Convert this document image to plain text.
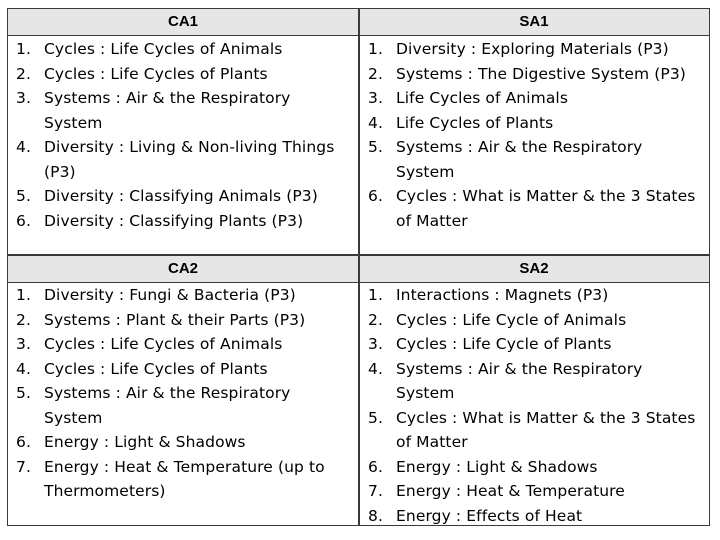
CA1	SA1
1. Cycles : Life Cycles of Animals
2. Cycles : Life Cycles of Plants
3. Systems : Air & the Respiratory System
4. Diversity : Living & Non-living Things (P3)
5. Diversity : Classifying Animals (P3)
6. Diversity : Classifying Plants (P3)
1. Diversity : Exploring Materials (P3)
2. Systems : The Digestive System (P3)
3. Life Cycles of Animals
4. Life Cycles of Plants
5. Systems : Air & the Respiratory System
6. Cycles : What is Matter & the 3 States of Matter
CA2	SA2
1. Diversity : Fungi & Bacteria (P3)
2. Systems : Plant & their Parts (P3)
3. Cycles : Life Cycles of Animals
4. Cycles : Life Cycles of Plants
5. Systems : Air & the Respiratory System
6. Energy : Light & Shadows
7. Energy : Heat & Temperature (up to Thermometers)
1. Interactions : Magnets (P3)
2. Cycles : Life Cycle of Animals
3. Cycles : Life Cycle of Plants
4. Systems : Air & the Respiratory System
5. Cycles : What is Matter & the 3 States of Matter
6. Energy : Light & Shadows
7. Energy : Heat & Temperature
8. Energy : Effects of Heat
